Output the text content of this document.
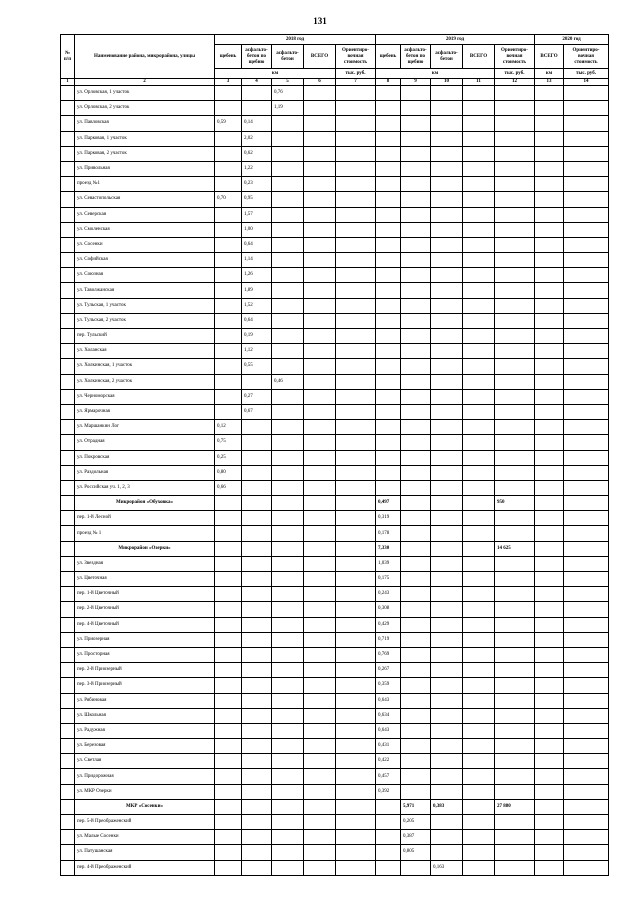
131
№ п/п	Наименование района, микрорайона, улицы	2018 год					2019 год					2020 год	
		щебень	асфальто-бетон по щебню	асфальто-бетон	ВСЕГО	Ориентиро-вочная стоимость	щебень	асфальто-бетон по щебню	асфальто-бетон	ВСЕГО	Ориентиро-вочная стоимость	ВСЕГО	Ориентиро-вочная стоимость
		км				тыс. руб.	км				тыс. руб.	км	тыс. руб.
1	2	3	4	5	6	7	8	9	10	11	12	13	14
	ул. Орловская, 1 участок			0,76									
	ул. Орловская, 2 участок			1,19									
	ул. Павловская	0,59	0,14										
	ул. Парковая, 1 участок		2,02										
	ул. Парковая, 2 участок		0,62										
	ул. Привольная		1,22										
	проезд №1		0,23										
	ул. Севастопольская	0,70	0,95										
	ул. Северская		1,57										
	ул. Смоленская		1,00										
	ул. Сосенки		0,64										
	ул. Софийская		1,14										
	ул. Союзная		1,26										
	ул. Таволжанская		1,89										
	ул. Тульская, 1 участок		1,52										
	ул. Тульская, 2 участок		0,64										
	пер. Тульский		0,19										
	ул. Холанская		1,12										
	ул. Холкинская, 1 участок		0,55										
	ул. Холкинская, 2 участок			0,46									
	ул. Черноморская		0,27										
	ул. Ярмарочная		0,67										
	ул. Маршанкин Лог	0,12											
	ул. Отрадная	0,75											
	ул. Покровская	0,25											
	ул. Раздольная	0,80											
	ул. Российская уч. 1, 2, 3	0,66											
	Микрорайон «Обуховка»						0,497				950		
	пер. 1-й Лесной						0,319						
	проезд № 1						0,178						
	Микрорайон «Озерки»						7,330				14 625		
	ул. Звездная						1,039						
	ул. Цветочная						0,175						
	пер. 1-й Цветочный						0,243						
	пер. 2-й Цветочный						0,308						
	пер. 4-й Цветочный						0,429						
	ул. Приозерная						0,719						
	ул. Просторная						0,769						
	пер. 2-й Приозерный						0,267						
	пер. 3-й Приозерный						0,359						
	ул. Рябиновая						0,643						
	ул. Школьная						0,634						
	ул. Радужная						0,643						
	ул. Березовая						0,431						
	ул. Светлая						0,422						
	ул. Придорожная						0,457						
	ул. МКР Озерки						0,392						
	МКР «Сосенки»							5,971	0,383		27 880		
	пер. 5-й Преображенский							0,205					
	ул. Малые Сосенки							0,387					
	ул. Патушанская							0,805					
	пер. 4-й Преображенский								0,163				
